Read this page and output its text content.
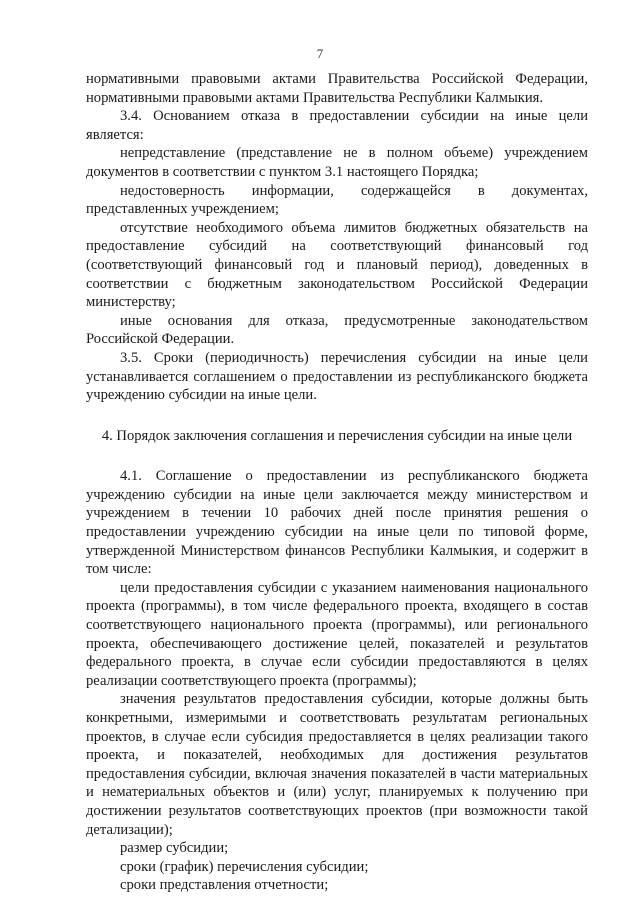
7

нормативными правовыми актами Правительства Российской Федерации, нормативными правовыми актами Правительства Республики Калмыкия.

3.4. Основанием отказа в предоставлении субсидии на иные цели является:

непредставление (представление не в полном объеме) учреждением документов в соответствии с пунктом 3.1 настоящего Порядка;

недостоверность информации, содержащейся в документах, представленных учреждением;

отсутствие необходимого объема лимитов бюджетных обязательств на предоставление субсидий на соответствующий финансовый год (соответствующий финансовый год и плановый период), доведенных в соответствии с бюджетным законодательством Российской Федерации министерству;

иные основания для отказа, предусмотренные законодательством Российской Федерации.

3.5. Сроки (периодичность) перечисления субсидии на иные цели устанавливается соглашением о предоставлении из республиканского бюджета учреждению субсидии на иные цели.

4. Порядок заключения соглашения и перечисления субсидии на иные цели

4.1. Соглашение о предоставлении из республиканского бюджета учреждению субсидии на иные цели заключается между министерством и учреждением в течении 10 рабочих дней после принятия решения о предоставлении учреждению субсидии на иные цели по типовой форме, утвержденной Министерством финансов Республики Калмыкия, и содержит в том числе:

цели предоставления субсидии с указанием наименования национального проекта (программы), в том числе федерального проекта, входящего в состав соответствующего национального проекта (программы), или регионального проекта, обеспечивающего достижение целей, показателей и результатов федерального проекта, в случае если субсидии предоставляются в целях реализации соответствующего проекта (программы);

значения результатов предоставления субсидии, которые должны быть конкретными, измеримыми и соответствовать результатам региональных проектов, в случае если субсидия предоставляется в целях реализации такого проекта, и показателей, необходимых для достижения результатов предоставления субсидии, включая значения показателей в части материальных и нематериальных объектов и (или) услуг, планируемых к получению при достижении результатов соответствующих проектов (при возможности такой детализации);

размер субсидии;

сроки (график) перечисления субсидии;

сроки представления отчетности;
